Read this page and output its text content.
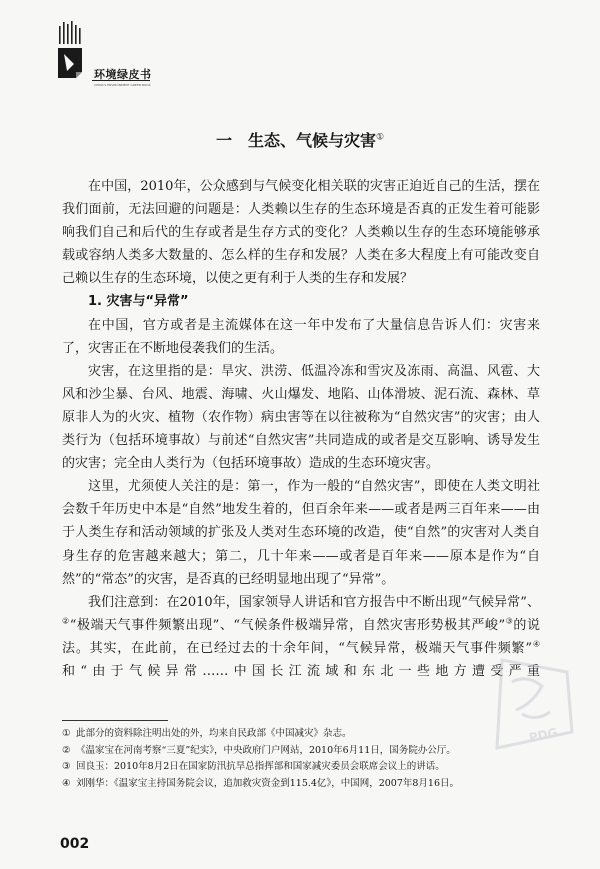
环境绿皮书
CHINA'S ENVIRONMENT GREEN BOOK
一　生态、气候与灾害①

在中国，2010年，公众感到与气候变化相关联的灾害正迫近自己的生活，摆在我们面前，无法回避的问题是：人类赖以生存的生态环境是否真的正发生着可能影响我们自己和后代的生存或者是生存方式的变化？人类赖以生存的生态环境能够承载或容纳人类多大数量的、怎么样的生存和发展？人类在多大程度上有可能改变自己赖以生存的生态环境，以使之更有利于人类的生存和发展？

1. 灾害与“异常”

在中国，官方或者是主流媒体在这一年中发布了大量信息告诉人们：灾害来了，灾害正在不断地侵袭我们的生活。

灾害，在这里指的是：旱灾、洪涝、低温冷冻和雪灾及冻雨、高温、风雹、大风和沙尘暴、台风、地震、海啸、火山爆发、地陷、山体滑坡、泥石流、森林、草原非人为的火灾、植物（农作物）病虫害等在以往被称为“自然灾害”的灾害；由人类行为（包括环境事故）与前述“自然灾害”共同造成的或者是交互影响、诱导发生的灾害；完全由人类行为（包括环境事故）造成的生态环境灾害。

这里，尤须使人关注的是：第一，作为一般的“自然灾害”，即使在人类文明社会数千年历史中本是“自然”地发生着的，但百余年来——或者是两三百年来——由于人类生存和活动领域的扩张及人类对生态环境的改造，使“自然”的灾害对人类自身生存的危害越来越大；第二，几十年来——或者是百年来——原本是作为“自然”的“常态”的灾害，是否真的已经明显地出现了“异常”。

我们注意到：在2010年，国家领导人讲话和官方报告中不断出现“气候异常”、②“极端天气事件频繁出现”、“气候条件极端异常，自然灾害形势极其严峻”③的说法。其实，在此前，在已经过去的十余年间，“气候异常，极端天气事件频繁”④和“由于气候异常……中国长江流域和东北一些地方遭受严重

① 此部分的资料除注明出处的外，均来自民政部《中国减灾》杂志。
② 《温家宝在河南考察“三夏”纪实》，中央政府门户网站，2010年6月11日，国务院办公厅。
③ 回良玉：2010年8月2日在国家防汛抗旱总指挥部和国家减灾委员会联席会议上的讲话。
④ 刘刚华：《温家宝主持国务院会议，追加救灾资金到115.4亿》，中国网，2007年8月16日。
002
PDG
